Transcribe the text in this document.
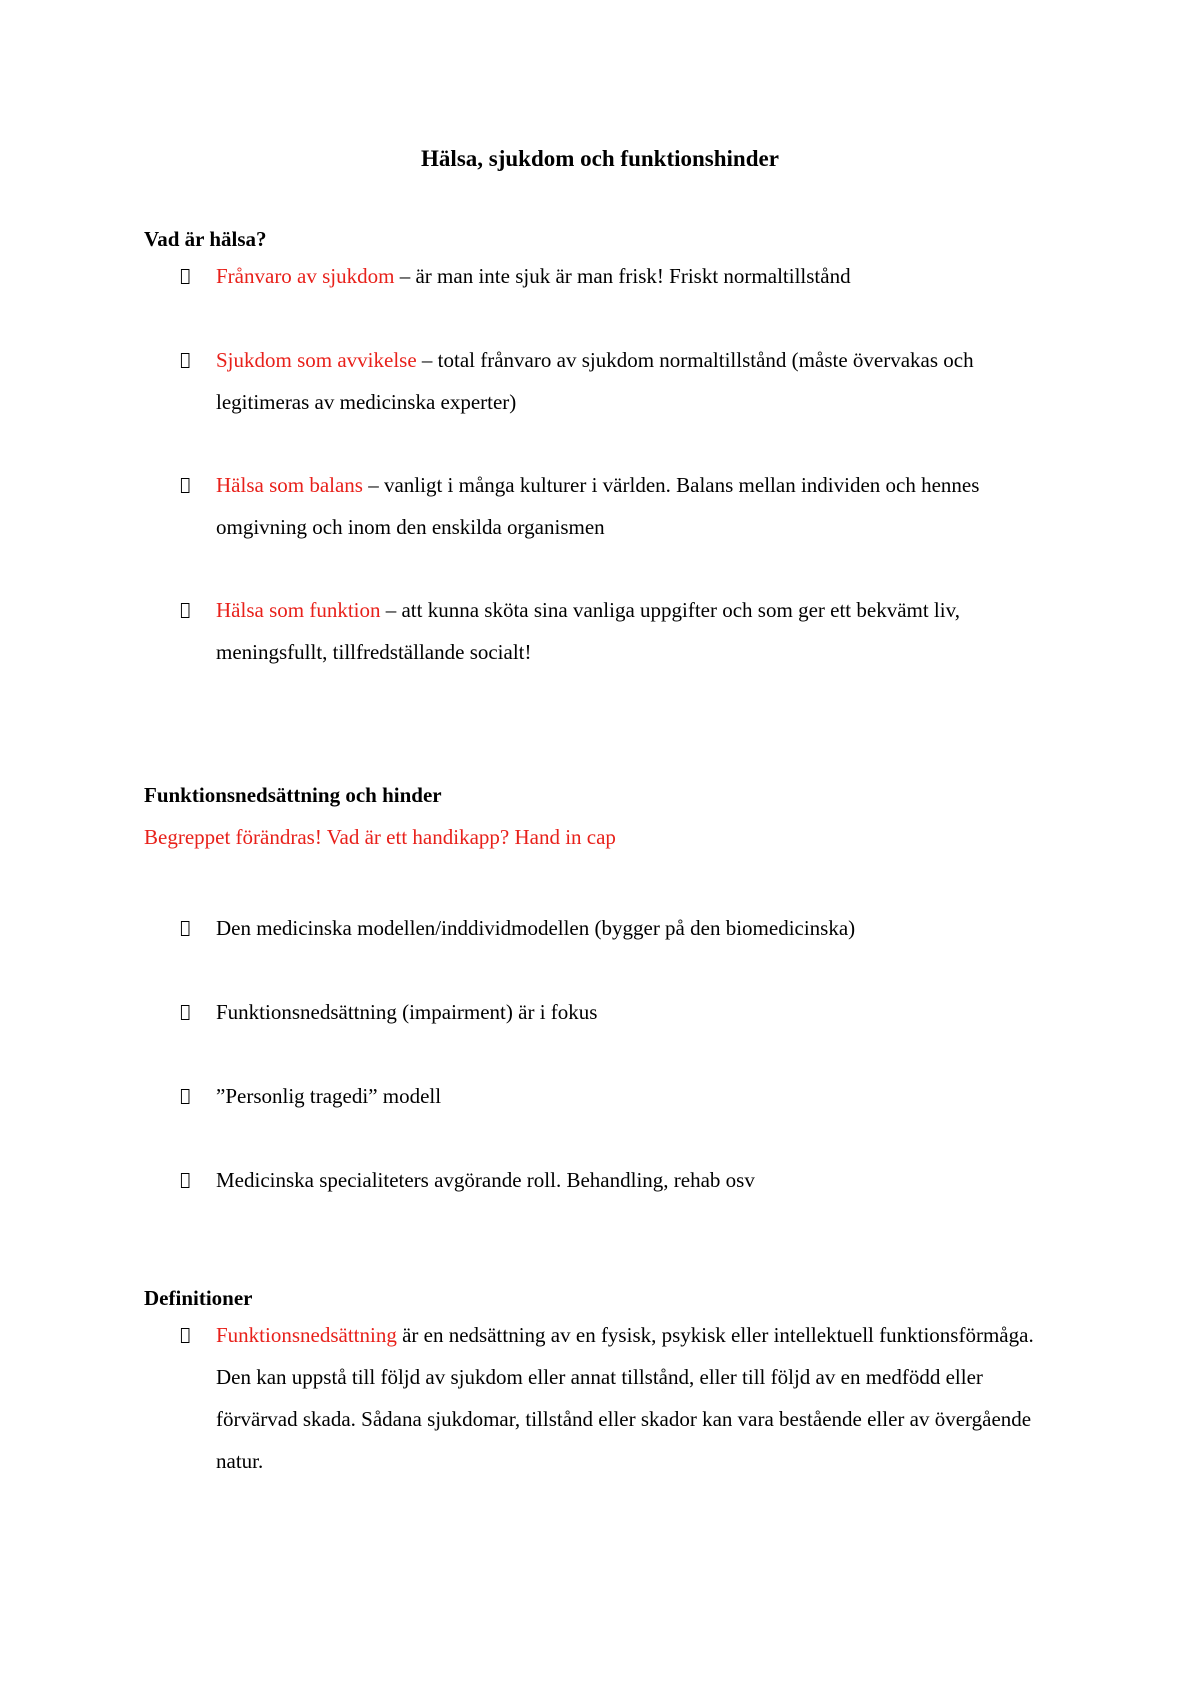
Hälsa, sjukdom och funktionshinder
Vad är hälsa?
Frånvaro av sjukdom – är man inte sjuk är man frisk! Friskt normaltillstånd
Sjukdom som avvikelse – total frånvaro av sjukdom normaltillstånd (måste övervakas och legitimeras av medicinska experter)
Hälsa som balans – vanligt i många kulturer i världen. Balans mellan individen och hennes omgivning och inom den enskilda organismen
Hälsa som funktion – att kunna sköta sina vanliga uppgifter och som ger ett bekvämt liv, meningsfullt, tillfredställande socialt!
Funktionsnedsättning och hinder
Begreppet förändras! Vad är ett handikapp? Hand in cap
Den medicinska modellen/inddividmodellen (bygger på den biomedicinska)
Funktionsnedsättning (impairment) är i fokus
”Personlig tragedi” modell
Medicinska specialiteters avgörande roll. Behandling, rehab osv
Definitioner
Funktionsnedsättning är en nedsättning av en fysisk, psykisk eller intellektuell funktionsförmåga. Den kan uppstå till följd av sjukdom eller annat tillstånd, eller till följd av en medfödd eller förvärvad skada. Sådana sjukdomar, tillstånd eller skador kan vara bestående eller av övergående natur.
